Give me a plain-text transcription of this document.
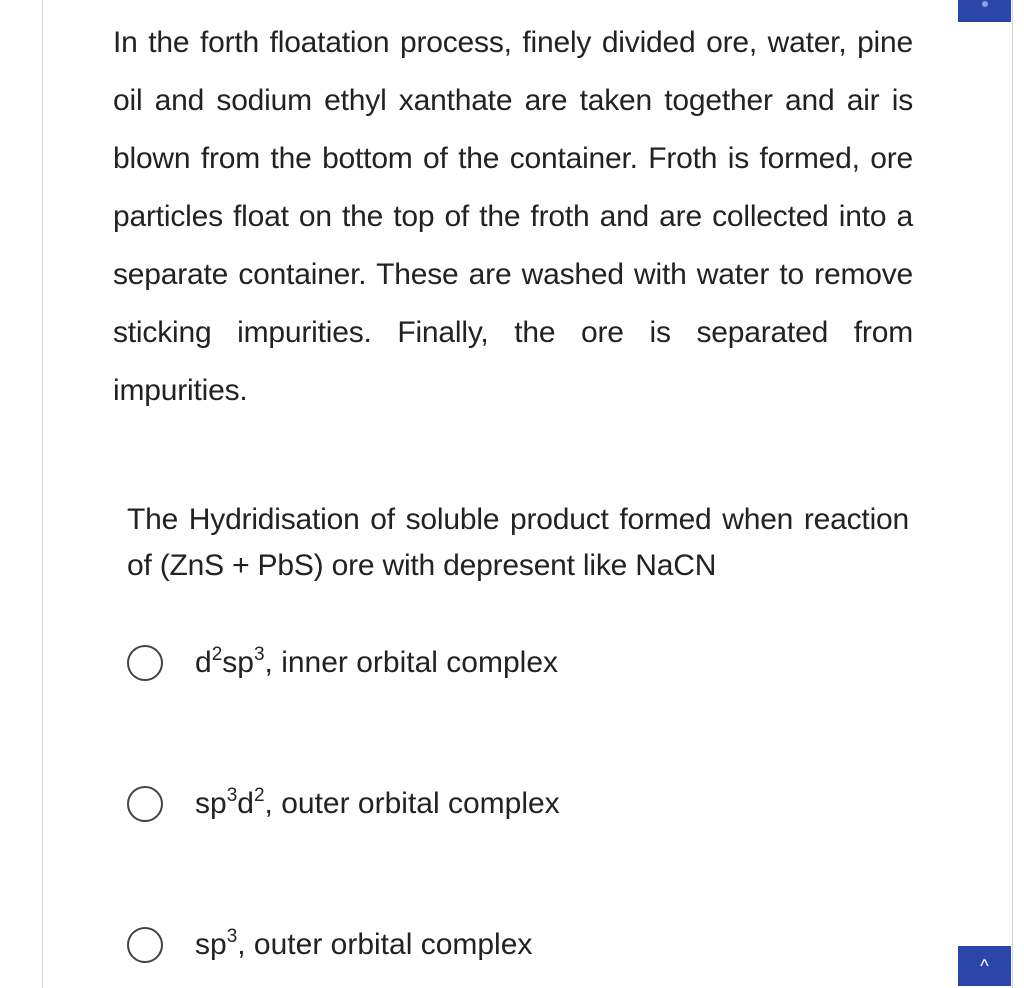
^
In the forth floatation process, finely divided ore, water, pine oil and sodium ethyl xanthate are taken together and air is blown from the bottom of the container. Froth is formed, ore particles float on the top of the froth and are collected into a separate container. These are washed with water to remove sticking impurities. Finally, the ore is separated from impurities.
The Hydridisation of soluble product formed when reaction of (ZnS + PbS) ore with depresent like NaCN
$d^2sp^3$, inner orbital complex
$sp^3d^2$, outer orbital complex
$sp^3$, outer orbital complex
